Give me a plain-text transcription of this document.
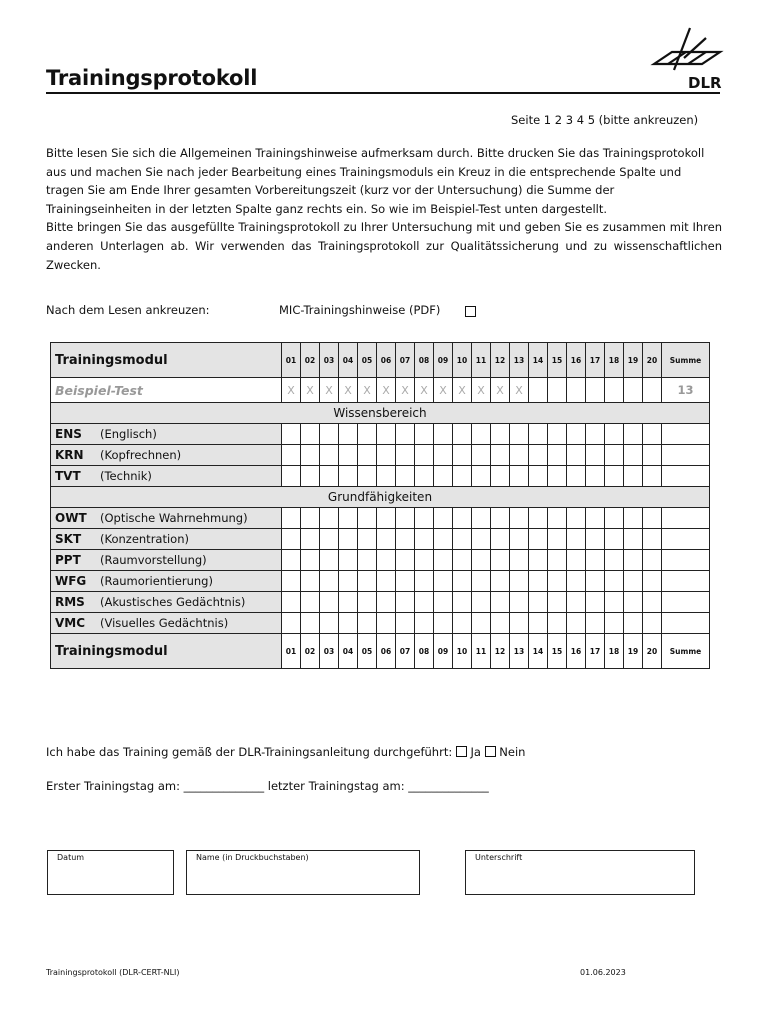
Trainingsprotokoll	DLR
Seite 1 2 3 4 5 (bitte ankreuzen)

Bitte lesen Sie sich die Allgemeinen Trainingshinweise aufmerksam durch. Bitte drucken Sie das Trainingsprotokoll aus und machen Sie nach jeder Bearbeitung eines Trainingsmoduls ein Kreuz in die entsprechende Spalte und tragen Sie am Ende Ihrer gesamten Vorbereitungszeit (kurz vor der Untersuchung) die Summe der Trainingseinheiten in der letzten Spalte ganz rechts ein. So wie im Beispiel-Test unten dargestellt.

Bitte bringen Sie das ausgefüllte Trainingsprotokoll zu Ihrer Untersuchung mit und geben Sie es zusammen mit Ihren anderen Unterlagen ab. Wir verwenden das Trainingsprotokoll zur Qualitätssicherung und zu wissenschaftlichen Zwecken.

Nach dem Lesen ankreuzen:	MIC-Trainingshinweise (PDF)
Trainingsmodul	01	02	03	04	05	06	07	08	09	10	11	12	13	14	15	16	17	18	19	20	Summe
Beispiel-Test	X	X	X	X	X	X	X	X	X	X	X	X	X								13
Wissensbereich																					
ENS (Englisch)																					
KRN (Kopfrechnen)																					
TVT (Technik)																					
Grundfähigkeiten																					
OWT (Optische Wahrnehmung)																					
SKT (Konzentration)																					
PPT (Raumvorstellung)																					
WFG (Raumorientierung)																					
RMS (Akustisches Gedächtnis)																					
VMC (Visuelles Gedächtnis)																					
Trainingsmodul	01	02	03	04	05	06	07	08	09	10	11	12	13	14	15	16	17	18	19	20	Summe
Ich habe das Training gemäß der DLR-Trainingsanleitung durchgeführt: Ja Nein
Erster Trainingstag am: ______________ letzter Trainingstag am: ______________
Datum	Name (in Druckbuchstaben)	Unterschrift
Trainingsprotokoll (DLR-CERT-NLI)	01.06.2023
